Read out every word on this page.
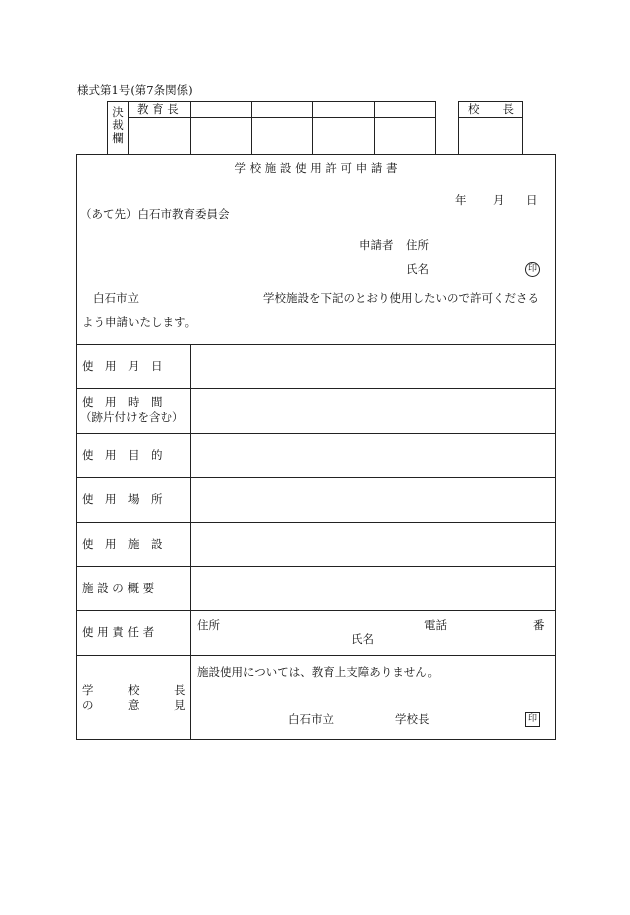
様式第1号(第7条関係)
決裁欄
教 育 長	校　　長
学 校 施 設 使 用 許 可 申 請 書
年 月 日
（あて先）白石市教育委員会
申請者 住所
氏名	印
白石市立	学校施設を下記のとおり使用したいので許可くださる
よう申請いたします。
使　用　月　日
使　用　時　間
（跡片付けを含む）
使　用　目　的
使　用　場　所
使　用　施　設
施 設 の 概 要
使 用 責 任 者	住所	電話	番
氏名
学　　　校　　　長
の　　　意　　　見
施設使用については、教育上支障ありません。
白石市立	学校長	印
